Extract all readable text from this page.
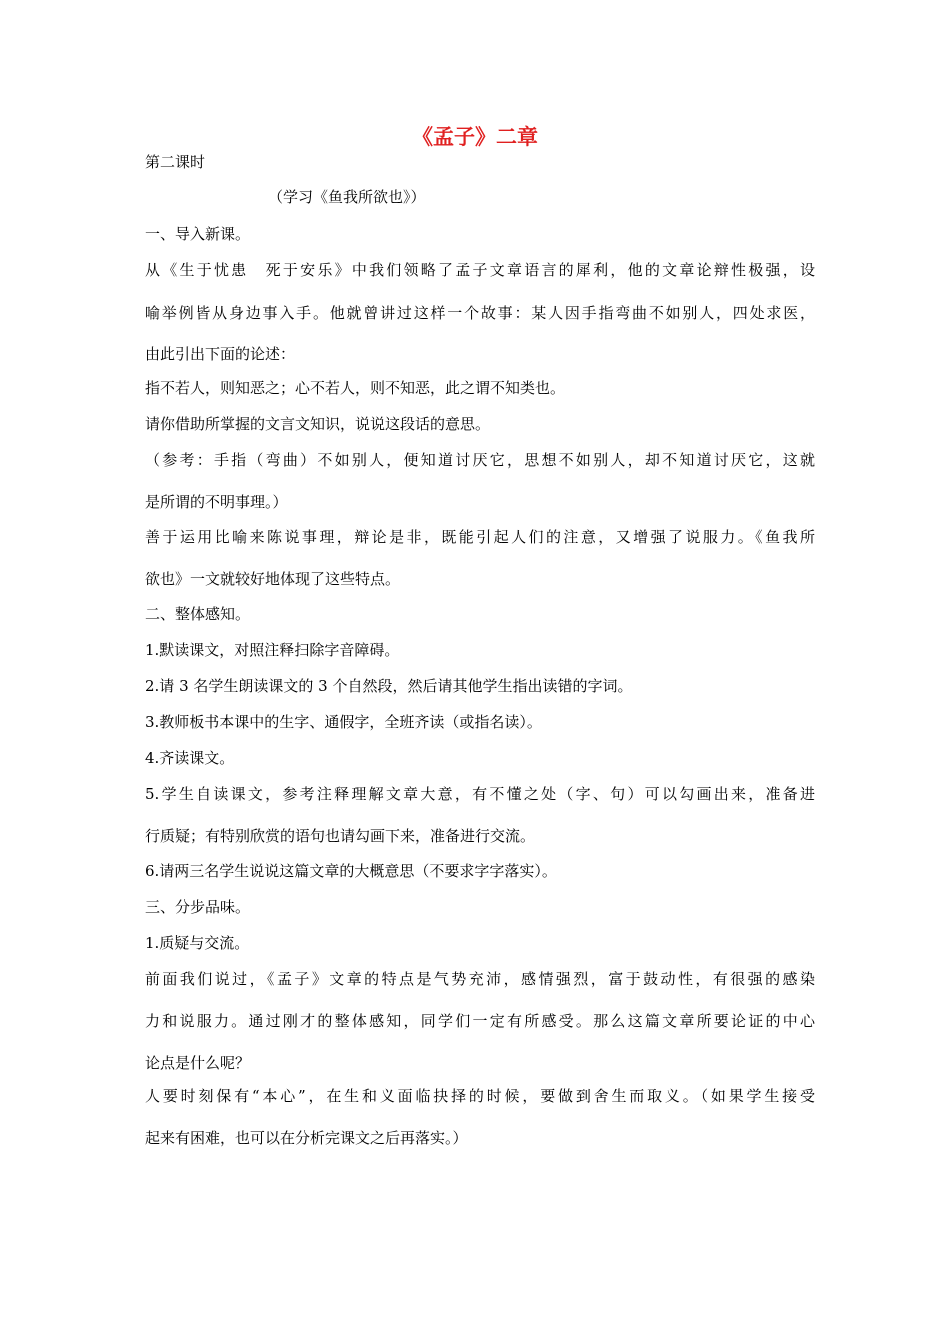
《孟子》二章
第二课时
（学习《鱼我所欲也》）
一、导入新课。
从《生于忧患　死于安乐》中我们领略了孟子文章语言的犀利，他的文章论辩性极强，设
喻举例皆从身边事入手。他就曾讲过这样一个故事：某人因手指弯曲不如别人，四处求医，
由此引出下面的论述：
指不若人，则知恶之；心不若人，则不知恶，此之谓不知类也。
请你借助所掌握的文言文知识，说说这段话的意思。
（参考：手指（弯曲）不如别人，便知道讨厌它，思想不如别人，却不知道讨厌它，这就
是所谓的不明事理。）
善于运用比喻来陈说事理，辩论是非，既能引起人们的注意，又增强了说服力。《鱼我所
欲也》一文就较好地体现了这些特点。
二、整体感知。
1.默读课文，对照注释扫除字音障碍。
2.请 3 名学生朗读课文的 3 个自然段，然后请其他学生指出读错的字词。
3.教师板书本课中的生字、通假字，全班齐读（或指名读）。
4.齐读课文。
5.学生自读课文，参考注释理解文章大意，有不懂之处（字、句）可以勾画出来，准备进
行质疑；有特别欣赏的语句也请勾画下来，准备进行交流。
6.请两三名学生说说这篇文章的大概意思（不要求字字落实）。
三、分步品味。
1.质疑与交流。
前面我们说过，《孟子》文章的特点是气势充沛，感情强烈，富于鼓动性，有很强的感染
力和说服力。通过刚才的整体感知，同学们一定有所感受。那么这篇文章所要论证的中心
论点是什么呢？
人要时刻保有“本心”，在生和义面临抉择的时候，要做到舍生而取义。（如果学生接受
起来有困难，也可以在分析完课文之后再落实。）
